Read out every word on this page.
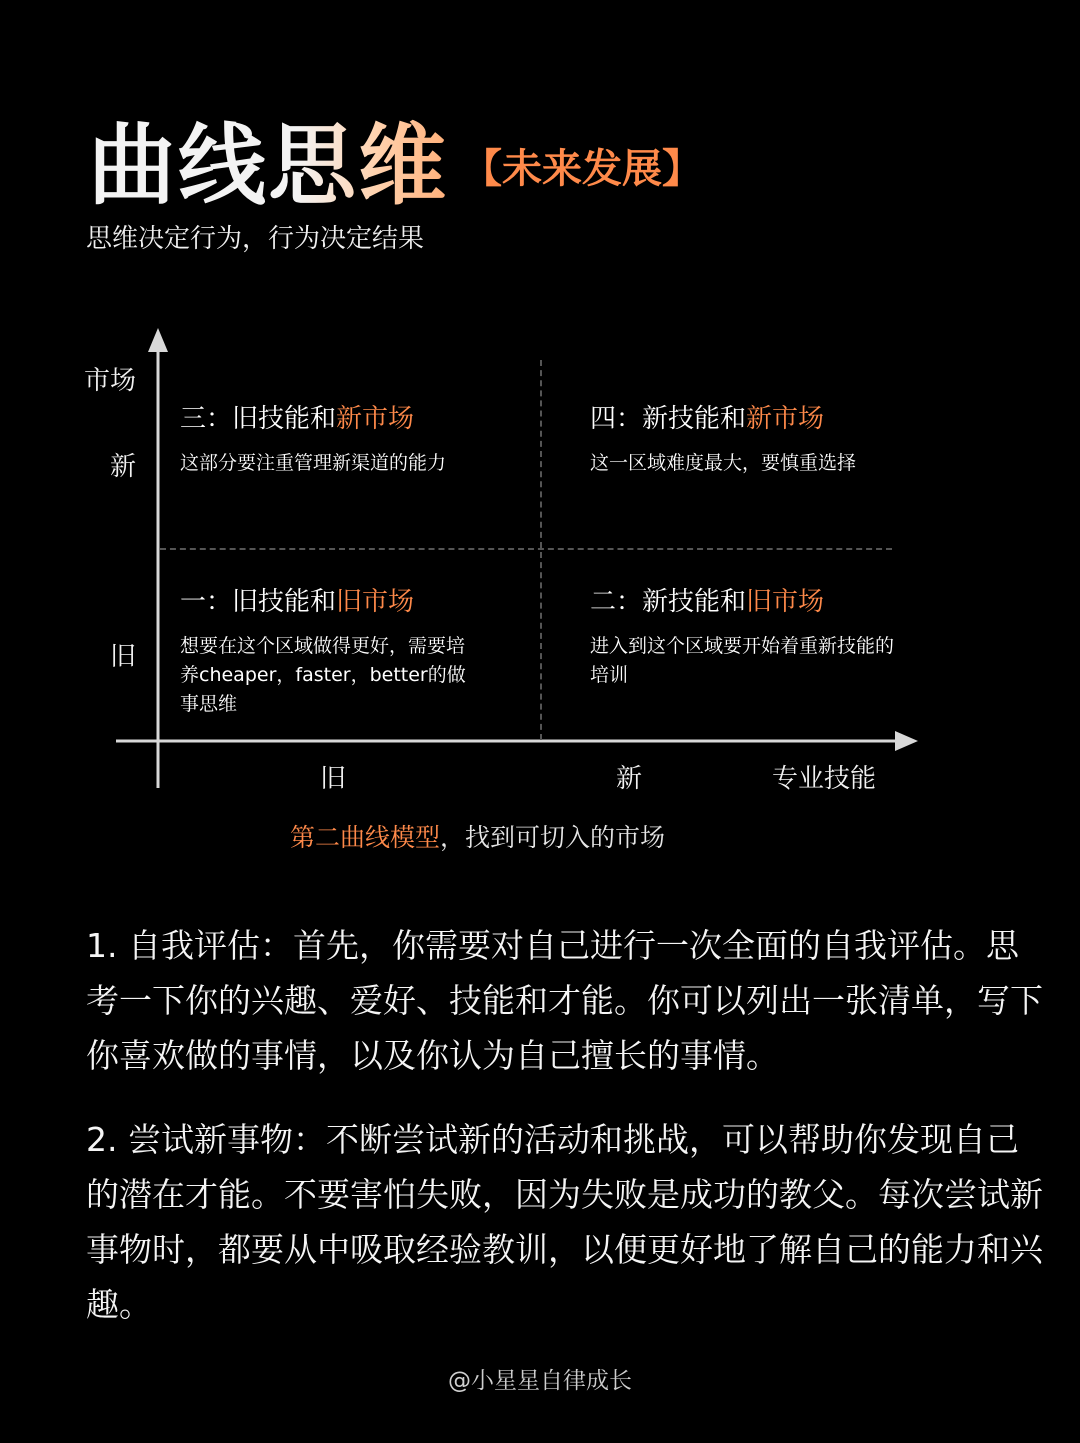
曲线思维 【未来发展】
思维决定行为，行为决定结果
市场
新
旧
旧	新	专业技能
三：旧技能和新市场
这部分要注重管理新渠道的能力
四：新技能和新市场
这一区域难度最大，要慎重选择
一：旧技能和旧市场
想要在这个区域做得更好，需要培养cheaper，faster，better的做事思维
二：新技能和旧市场
进入到这个区域要开始着重新技能的培训
第二曲线模型，找到可切入的市场
1. 自我评估：首先，你需要对自己进行一次全面的自我评估。思考一下你的兴趣、爱好、技能和才能。你可以列出一张清单，写下你喜欢做的事情，以及你认为自己擅长的事情。
2. 尝试新事物：不断尝试新的活动和挑战，可以帮助你发现自己的潜在才能。不要害怕失败，因为失败是成功的教父。每次尝试新事物时，都要从中吸取经验教训，以便更好地了解自己的能力和兴趣。
@小星星自律成长
